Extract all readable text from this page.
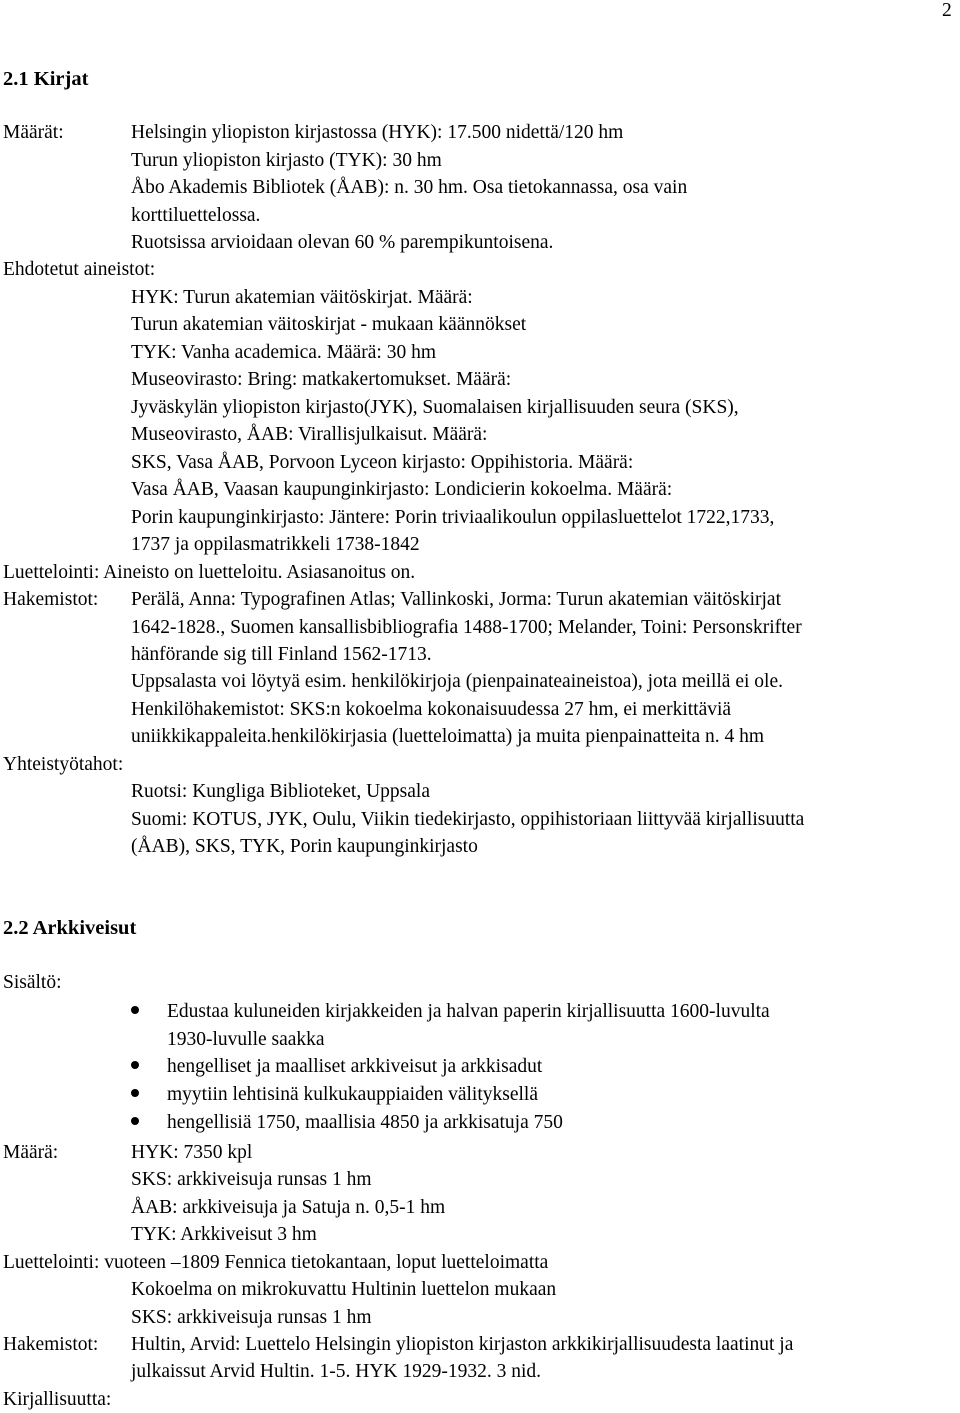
2
2.1 Kirjat
Määrät:	Helsingin yliopiston kirjastossa (HYK): 17.500 nidettä/120 hm
Turun yliopiston kirjasto (TYK): 30 hm
Åbo Akademis Bibliotek (ÅAB): n. 30 hm. Osa tietokannassa, osa vain
korttiluettelossa.
Ruotsissa arvioidaan olevan 60 % parempikuntoisena.
Ehdotetut aineistot:
HYK: Turun akatemian väitöskirjat. Määrä:
Turun akatemian väitoskirjat - mukaan käännökset
TYK: Vanha academica. Määrä: 30 hm
Museovirasto: Bring: matkakertomukset. Määrä:
Jyväskylän yliopiston kirjasto(JYK), Suomalaisen kirjallisuuden seura (SKS),
Museovirasto, ÅAB: Virallisjulkaisut. Määrä:
SKS, Vasa ÅAB, Porvoon Lyceon kirjasto: Oppihistoria. Määrä:
Vasa ÅAB, Vaasan kaupunginkirjasto: Londicierin kokoelma. Määrä:
Porin kaupunginkirjasto: Jäntere: Porin triviaalikoulun oppilasluettelot 1722,1733,
1737 ja oppilasmatrikkeli 1738-1842
Luettelointi: Aineisto on luetteloitu. Asiasanoitus on.
Hakemistot: Perälä, Anna: Typografinen Atlas; Vallinkoski, Jorma: Turun akatemian väitöskirjat
1642-1828., Suomen kansallisbibliografia 1488-1700; Melander, Toini: Personskrifter
hänförande sig till Finland 1562-1713.
Uppsalasta voi löytyä esim. henkilökirjoja (pienpainateaineistoa), jota meillä ei ole.
Henkilöhakemistot: SKS:n kokoelma kokonaisuudessa 27 hm, ei merkittäviä
uniikkikappaleita.henkilökirjasia (luetteloimatta) ja muita pienpainatteita n. 4 hm
Yhteistyötahot:
Ruotsi: Kungliga Biblioteket, Uppsala
Suomi: KOTUS, JYK, Oulu, Viikin tiedekirjasto, oppihistoriaan liittyvää kirjallisuutta
(ÅAB), SKS, TYK, Porin kaupunginkirjasto
2.2 Arkkiveisut
Sisältö:
Edustaa kuluneiden kirjakkeiden ja halvan paperin kirjallisuutta 1600-luvulta
1930-luvulle saakka
hengelliset ja maalliset arkkiveisut ja arkkisadut
myytiin lehtisinä kulkukauppiaiden välityksellä
hengellisiä 1750, maallisia 4850 ja arkkisatuja 750
Määrä:	HYK: 7350 kpl
SKS: arkkiveisuja runsas 1 hm
ÅAB: arkkiveisuja ja Satuja n. 0,5-1 hm
TYK: Arkkiveisut 3 hm
Luettelointi: vuoteen –1809 Fennica tietokantaan, loput luetteloimatta
Kokoelma on mikrokuvattu Hultinin luettelon mukaan
SKS: arkkiveisuja runsas 1 hm
Hakemistot: Hultin, Arvid: Luettelo Helsingin yliopiston kirjaston arkkikirjallisuudesta laatinut ja
julkaissut Arvid Hultin. 1-5. HYK 1929-1932. 3 nid.
Kirjallisuutta:
